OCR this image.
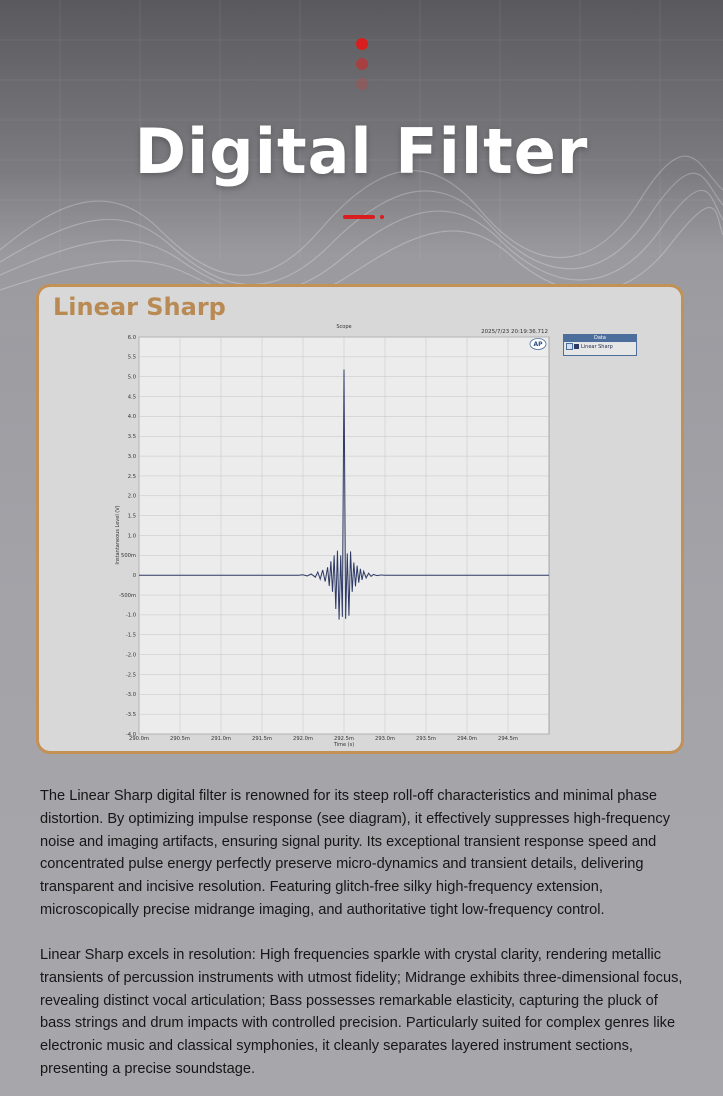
Digital Filter
Linear Sharp
6.0
5.5
5.0
4.5
4.0
3.5
3.0
2.5
2.0
1.5
1.0
500m
0
-500m
-1.0
-1.5
-2.0
-2.5
-3.0
-3.5
-4.0
290.0m	290.5m	291.0m	291.5m	292.0m	292.5m	293.0m	293.5m	294.0m	294.5m
Scope
2025/7/23 20:19:36.712
AP
Instantaneous Level (V)
Time (s)
Data
Linear Sharp

The Linear Sharp digital filter is renowned for its steep roll-off characteristics and minimal phase distortion. By optimizing impulse response (see diagram), it effectively suppresses high-frequency noise and imaging artifacts, ensuring signal purity. Its exceptional transient response speed and concentrated pulse energy perfectly preserve micro-dynamics and transient details, delivering transparent and incisive resolution. Featuring glitch-free silky high-frequency extension, microscopically precise midrange imaging, and authoritative tight low-frequency control.

Linear Sharp excels in resolution: High frequencies sparkle with crystal clarity, rendering metallic transients of percussion instruments with utmost fidelity; Midrange exhibits three-dimensional focus, revealing distinct vocal articulation; Bass possesses remarkable elasticity, capturing the pluck of bass strings and drum impacts with controlled precision. Particularly suited for complex genres like electronic music and classical symphonies, it cleanly separates layered instrument sections, presenting a precise soundstage.
